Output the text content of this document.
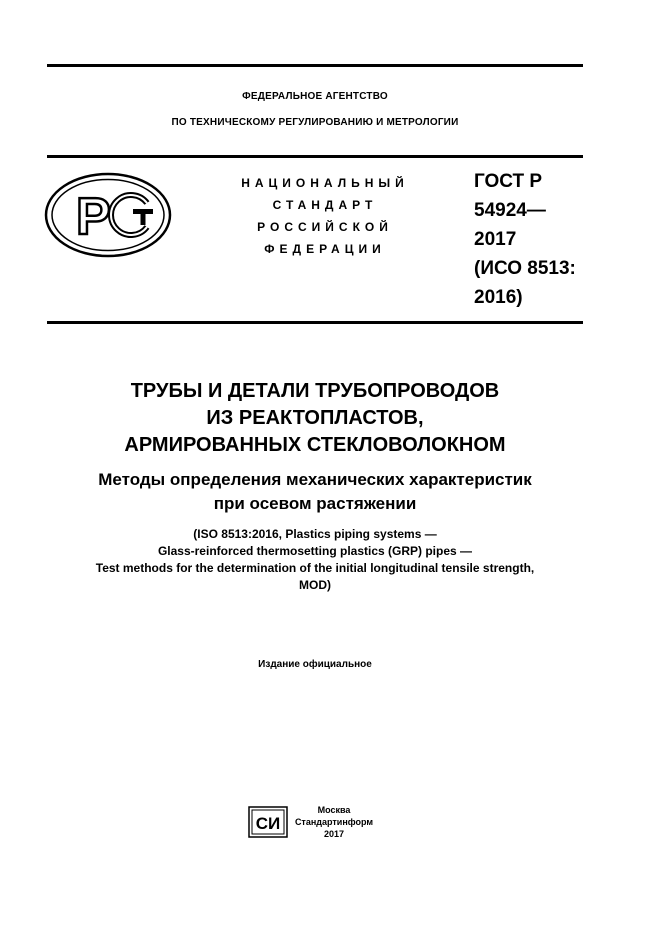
ФЕДЕРАЛЬНОЕ АГЕНТСТВО
ПО ТЕХНИЧЕСКОМУ РЕГУЛИРОВАНИЮ И МЕТРОЛОГИИ
Р
НАЦИОНАЛЬНЫЙ
СТАНДАРТ
РОССИЙСКОЙ
ФЕДЕРАЦИИ
ГОСТ Р
54924—
2017
(ИСО 8513:
2016)
ТРУБЫ И ДЕТАЛИ ТРУБОПРОВОДОВ
ИЗ РЕАКТОПЛАСТОВ,
АРМИРОВАННЫХ СТЕКЛОВОЛОКНОМ
Методы определения механических характеристик
при осевом растяжении
(ISO 8513:2016, Plastics piping systems —
Glass-reinforced thermosetting plastics (GRP) pipes —
Test methods for the determination of the initial longitudinal tensile strength,
MOD)
Издание официальное
СИ
Москва
Стандартинформ
2017
